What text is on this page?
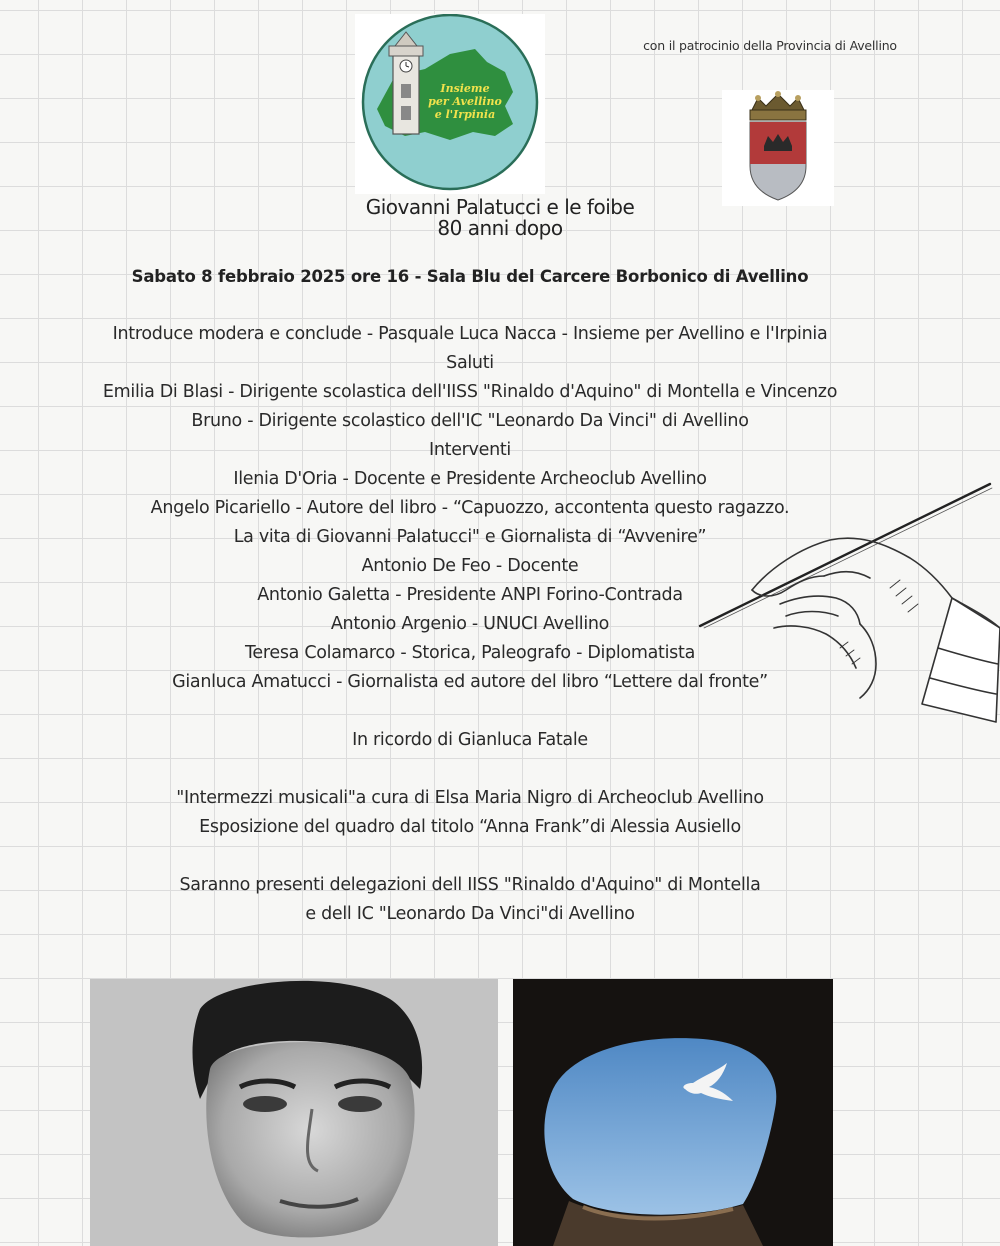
Insieme
per Avellino
e l'Irpinia
con il patrocinio della Provincia di Avellino
Giovanni Palatucci e le foibe
80 anni dopo
Sabato 8 febbraio 2025 ore 16 - Sala Blu del Carcere Borbonico di Avellino
Introduce modera e conclude - Pasquale Luca Nacca - Insieme per Avellino e l'Irpinia
Saluti
Emilia Di Blasi - Dirigente scolastica dell'IISS "Rinaldo d'Aquino" di Montella e Vincenzo
Bruno - Dirigente scolastico dell'IC "Leonardo Da Vinci" di Avellino
Interventi
Ilenia D'Oria - Docente e Presidente Archeoclub Avellino
Angelo Picariello - Autore del libro - “Capuozzo, accontenta questo ragazzo.
La vita di Giovanni Palatucci" e Giornalista di “Avvenire”
Antonio De Feo - Docente
Antonio Galetta - Presidente ANPI Forino-Contrada
Antonio Argenio - UNUCI Avellino
Teresa Colamarco - Storica, Paleografo - Diplomatista
Gianluca Amatucci - Giornalista ed autore del libro “Lettere dal fronte”
In ricordo di Gianluca Fatale
"Intermezzi musicali"a cura di Elsa Maria Nigro di Archeoclub Avellino
Esposizione del quadro dal titolo “Anna Frank”di Alessia Ausiello
Saranno presenti delegazioni dell IISS "Rinaldo d'Aquino" di Montella
e dell IC "Leonardo Da Vinci"di Avellino
